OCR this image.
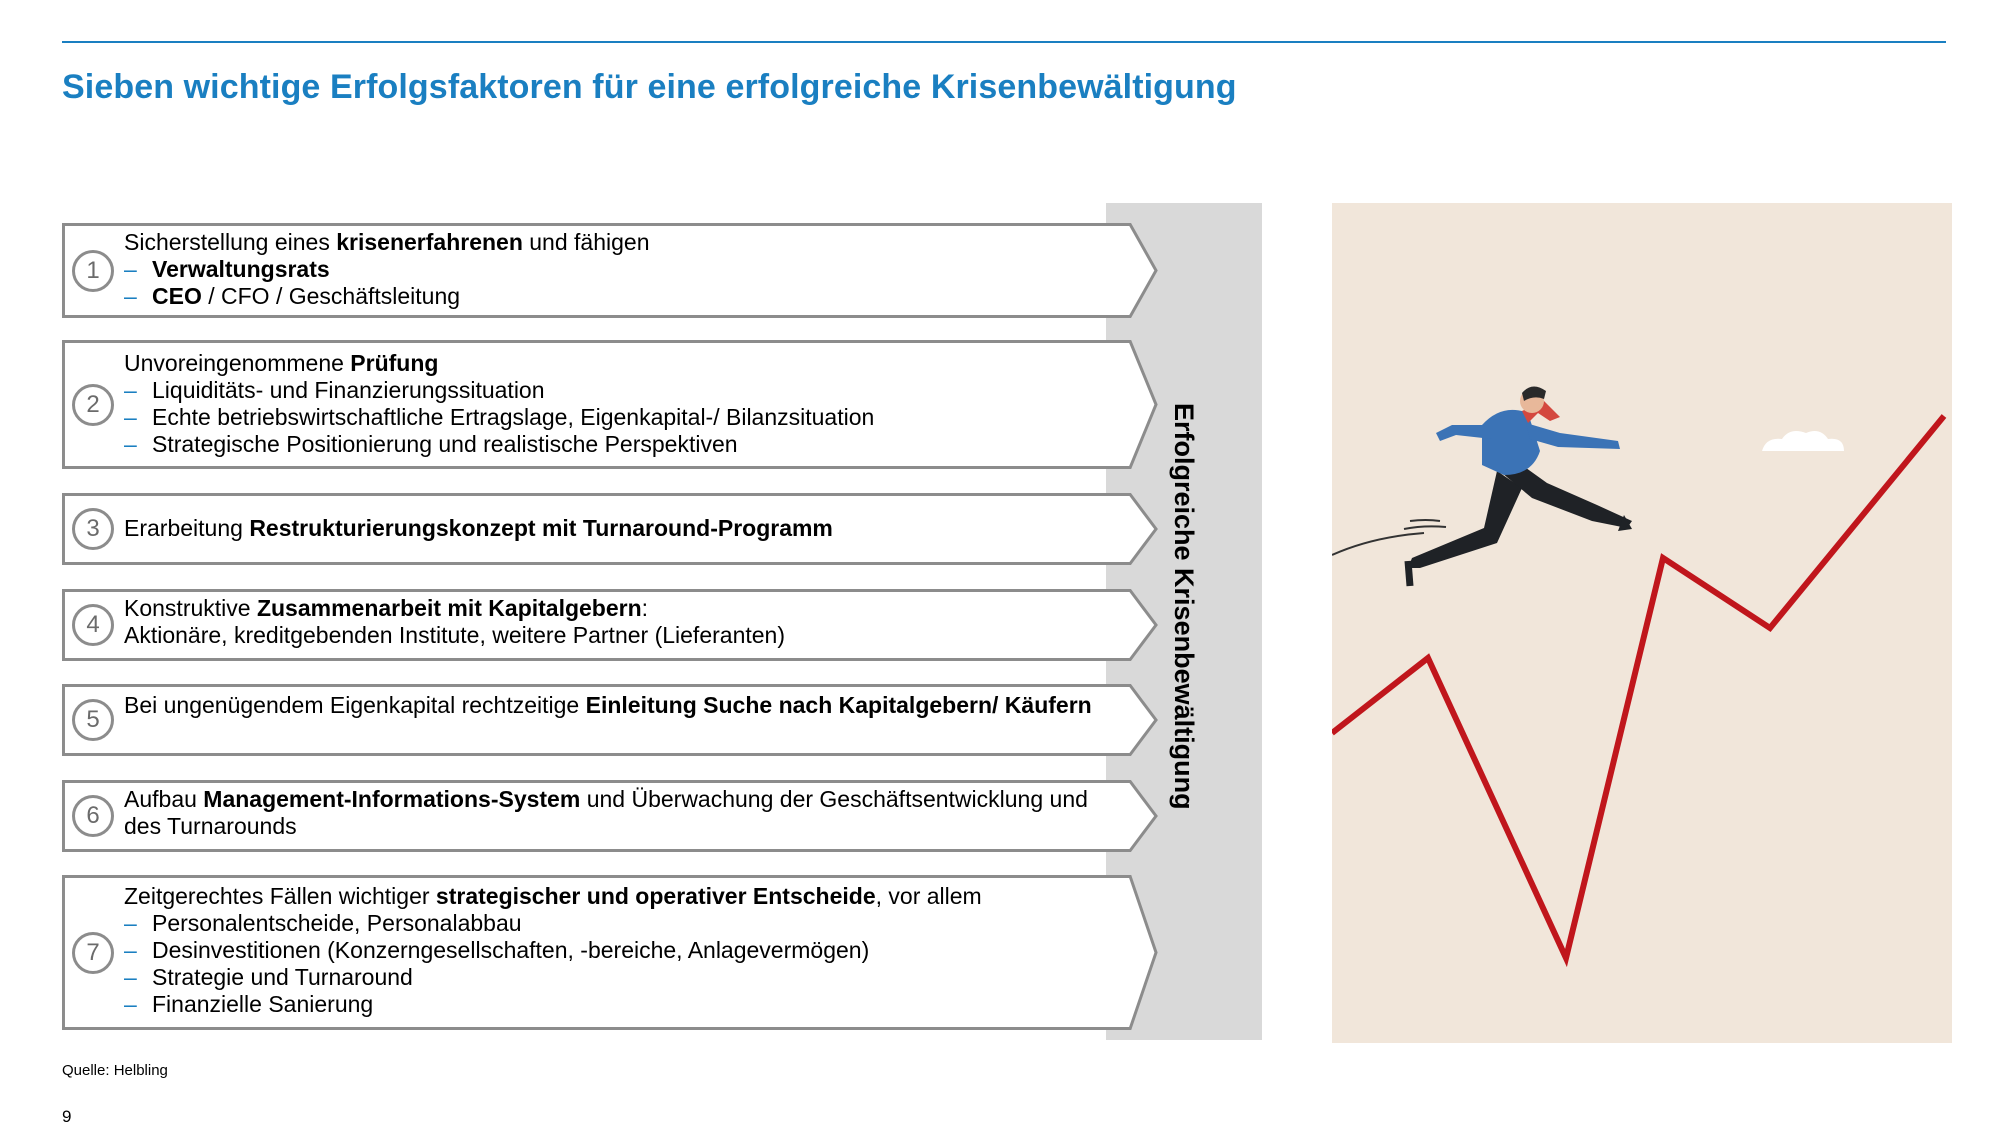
Sieben wichtige Erfolgsfaktoren für eine erfolgreiche Krisenbewältigung
Erfolgreiche Krisenbewältigung
1
Sicherstellung eines krisenerfahrenen und fähigen
– Verwaltungsrats
– CEO / CFO / Geschäftsleitung
2
Unvoreingenommene Prüfung
– Liquiditäts- und Finanzierungssituation
– Echte betriebswirtschaftliche Ertragslage, Eigenkapital-/ Bilanzsituation
– Strategische Positionierung und realistische Perspektiven
3	Erarbeitung Restrukturierungskonzept mit Turnaround-Programm
4
Konstruktive Zusammenarbeit mit Kapitalgebern:
Aktionäre, kreditgebenden Institute, weitere Partner (Lieferanten)
5
Bei ungenügendem Eigenkapital rechtzeitige Einleitung Suche nach Kapitalgebern/ Käufern
6
Aufbau Management-Informations-System und Überwachung der Geschäftsentwicklung und des Turnarounds
7
Zeitgerechtes Fällen wichtiger strategischer und operativer Entscheide, vor allem
– Personalentscheide, Personalabbau
– Desinvestitionen (Konzerngesellschaften, -bereiche, Anlagevermögen)
– Strategie und Turnaround
– Finanzielle Sanierung
Quelle: Helbling
9
